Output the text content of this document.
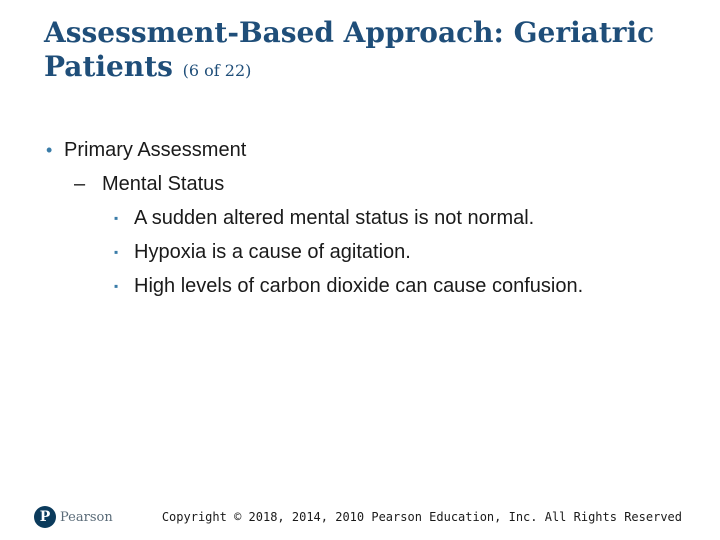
Assessment-Based Approach: Geriatric Patients (6 of 22)
• Primary Assessment
– Mental Status
▪ A sudden altered mental status is not normal.
▪ Hypoxia is a cause of agitation.
▪ High levels of carbon dioxide can cause confusion.
P Pearson	Copyright © 2018, 2014, 2010 Pearson Education, Inc. All Rights Reserved
